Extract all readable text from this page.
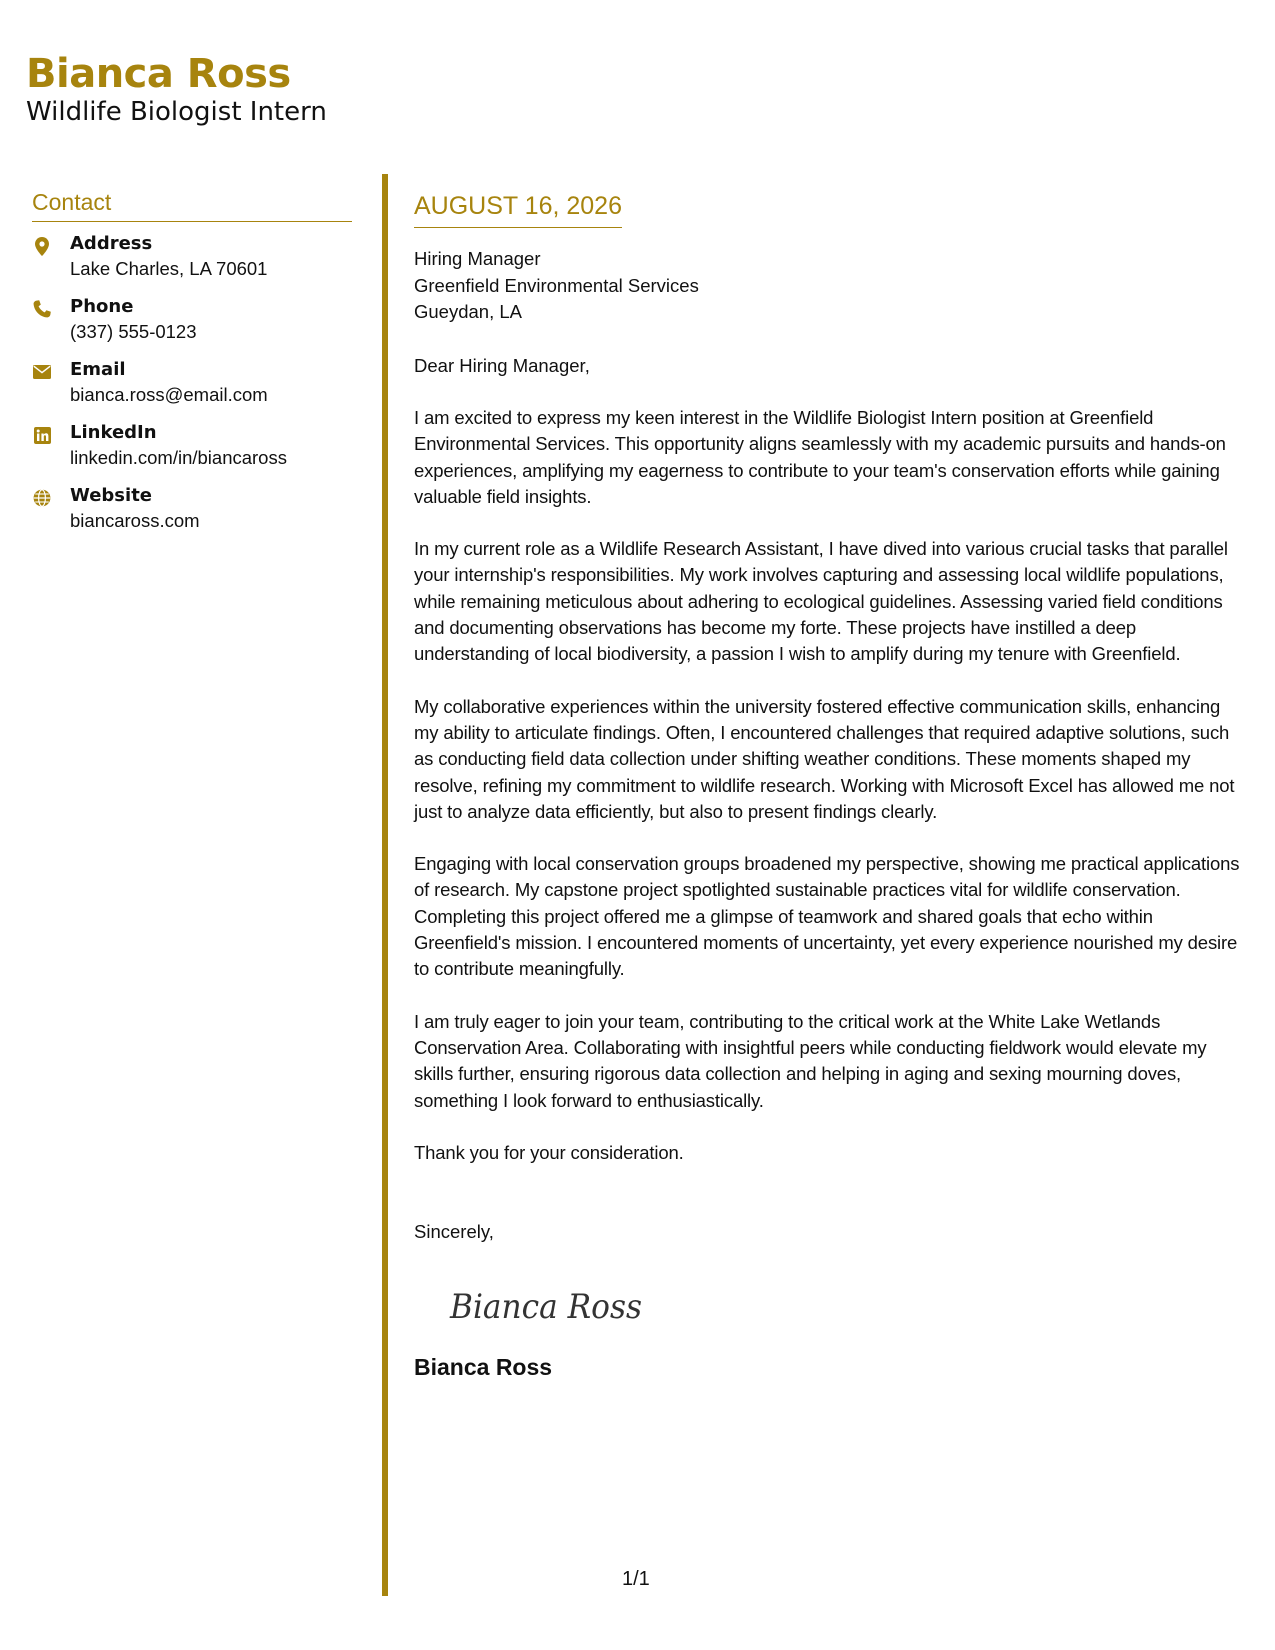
Bianca Ross
Wildlife Biologist Intern
Contact
Address
Lake Charles, LA 70601
Phone
(337) 555-0123
Email
bianca.ross@email.com
LinkedIn
linkedin.com/in/biancaross
Website
biancaross.com
AUGUST 16, 2026
Hiring Manager
Greenfield Environmental Services
Gueydan, LA
Dear Hiring Manager,
I am excited to express my keen interest in the Wildlife Biologist Intern position at Greenfield Environmental Services. This opportunity aligns seamlessly with my academic pursuits and hands-on experiences, amplifying my eagerness to contribute to your team's conservation efforts while gaining valuable field insights.
In my current role as a Wildlife Research Assistant, I have dived into various crucial tasks that parallel your internship's responsibilities. My work involves capturing and assessing local wildlife populations, while remaining meticulous about adhering to ecological guidelines. Assessing varied field conditions and documenting observations has become my forte. These projects have instilled a deep understanding of local biodiversity, a passion I wish to amplify during my tenure with Greenfield.
My collaborative experiences within the university fostered effective communication skills, enhancing my ability to articulate findings. Often, I encountered challenges that required adaptive solutions, such as conducting field data collection under shifting weather conditions. These moments shaped my resolve, refining my commitment to wildlife research. Working with Microsoft Excel has allowed me not just to analyze data efficiently, but also to present findings clearly.
Engaging with local conservation groups broadened my perspective, showing me practical applications of research. My capstone project spotlighted sustainable practices vital for wildlife conservation. Completing this project offered me a glimpse of teamwork and shared goals that echo within Greenfield's mission. I encountered moments of uncertainty, yet every experience nourished my desire to contribute meaningfully.
I am truly eager to join your team, contributing to the critical work at the White Lake Wetlands Conservation Area. Collaborating with insightful peers while conducting fieldwork would elevate my skills further, ensuring rigorous data collection and helping in aging and sexing mourning doves, something I look forward to enthusiastically.
Thank you for your consideration.
Sincerely,
Bianca Ross
Bianca Ross
1/1
